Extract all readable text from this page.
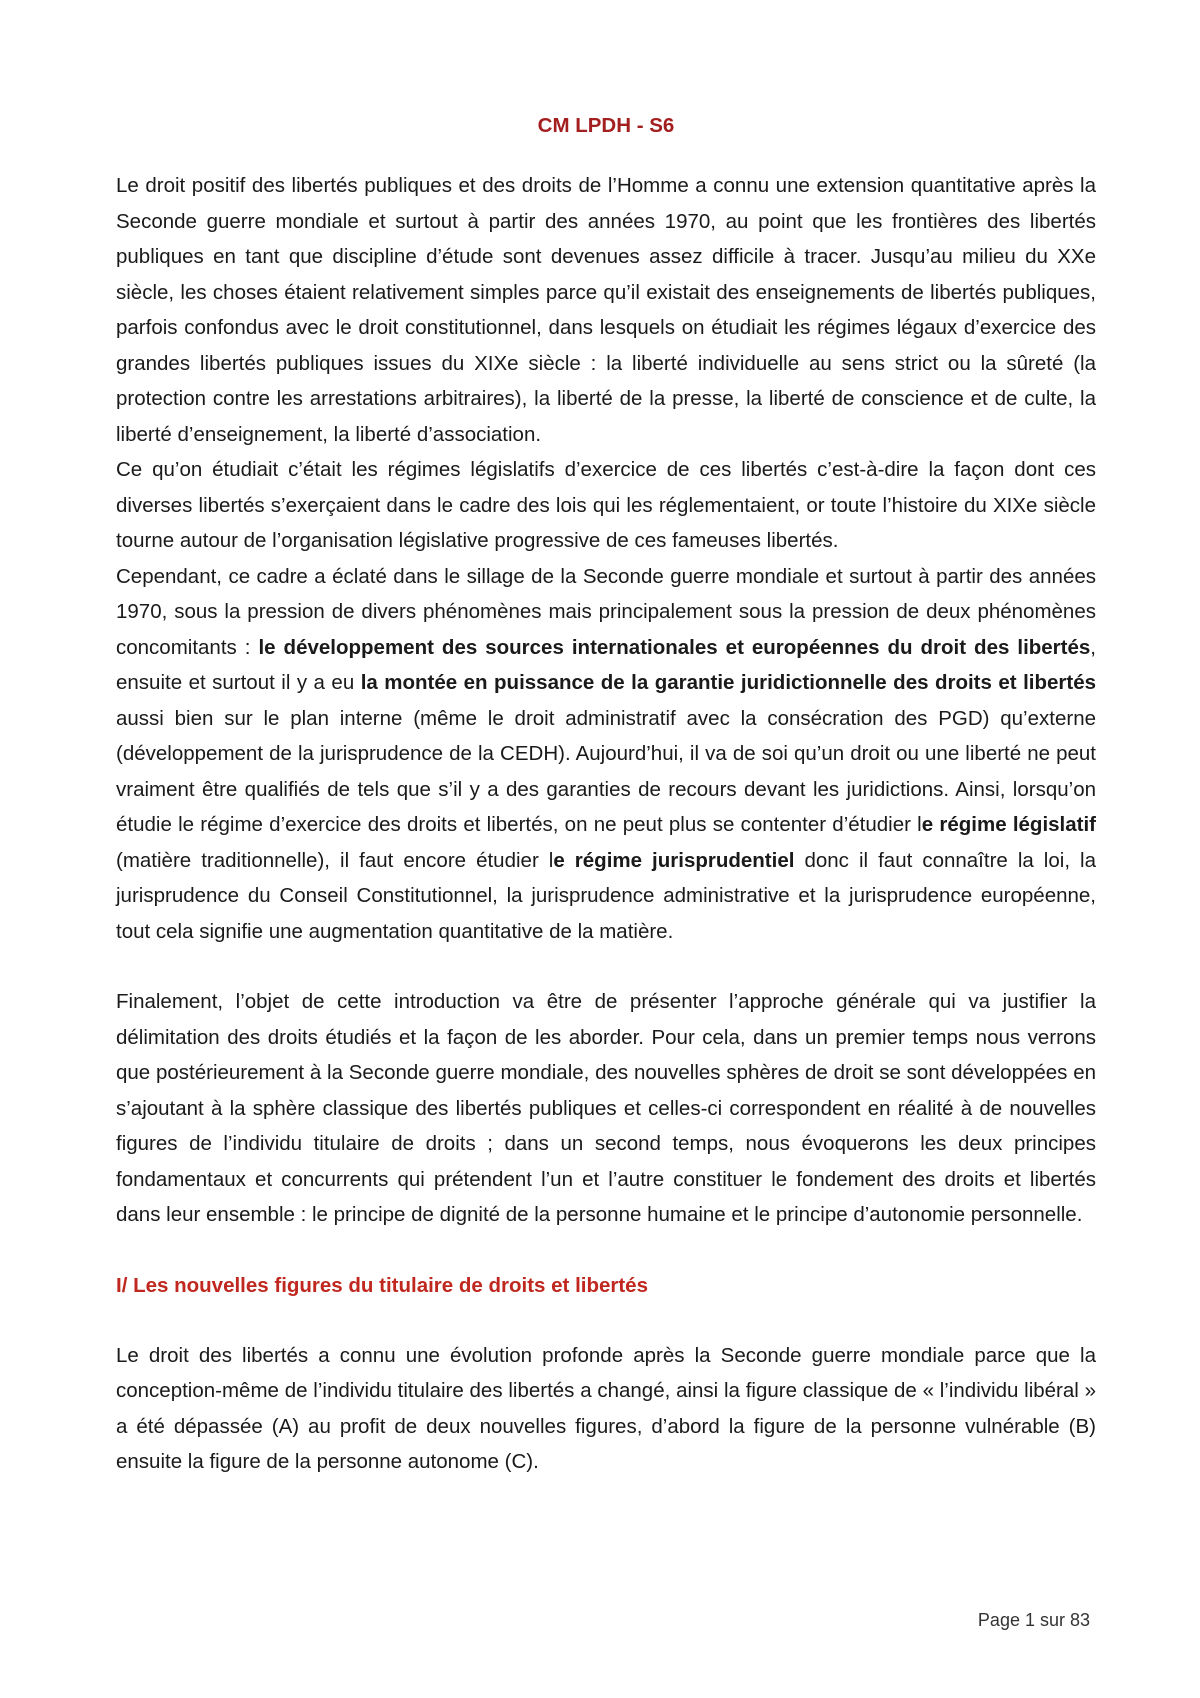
CM LPDH - S6

Le droit positif des libertés publiques et des droits de l’Homme a connu une extension quantitative après la Seconde guerre mondiale et surtout à partir des années 1970, au point que les frontières des libertés publiques en tant que discipline d’étude sont devenues assez difficile à tracer. Jusqu’au milieu du XXe siècle, les choses étaient relativement simples parce qu’il existait des enseignements de libertés publiques, parfois confondus avec le droit constitutionnel, dans lesquels on étudiait les régimes légaux d’exercice des grandes libertés publiques issues du XIXe siècle : la liberté individuelle au sens strict ou la sûreté (la protection contre les arrestations arbitraires), la liberté de la presse, la liberté de conscience et de culte, la liberté d’enseignement, la liberté d’association.

Ce qu’on étudiait c’était les régimes législatifs d’exercice de ces libertés c’est-à-dire la façon dont ces diverses libertés s’exerçaient dans le cadre des lois qui les réglementaient, or toute l’histoire du XIXe siècle tourne autour de l’organisation législative progressive de ces fameuses libertés.

Cependant, ce cadre a éclaté dans le sillage de la Seconde guerre mondiale et surtout à partir des années 1970, sous la pression de divers phénomènes mais principalement sous la pression de deux phénomènes concomitants : le développement des sources internationales et européennes du droit des libertés, ensuite et surtout il y a eu la montée en puissance de la garantie juridictionnelle des droits et libertés aussi bien sur le plan interne (même le droit administratif avec la consécration des PGD) qu’externe (développement de la jurisprudence de la CEDH). Aujourd’hui, il va de soi qu’un droit ou une liberté ne peut vraiment être qualifiés de tels que s’il y a des garanties de recours devant les juridictions. Ainsi, lorsqu’on étudie le régime d’exercice des droits et libertés, on ne peut plus se contenter d’étudier le régime législatif (matière traditionnelle), il faut encore étudier le régime jurisprudentiel donc il faut connaître la loi, la jurisprudence du Conseil Constitutionnel, la jurisprudence administrative et la jurisprudence européenne, tout cela signifie une augmentation quantitative de la matière.

Finalement, l’objet de cette introduction va être de présenter l’approche générale qui va justifier la délimitation des droits étudiés et la façon de les aborder. Pour cela, dans un premier temps nous verrons que postérieurement à la Seconde guerre mondiale, des nouvelles sphères de droit se sont développées en s’ajoutant à la sphère classique des libertés publiques et celles-ci correspondent en réalité à de nouvelles figures de l’individu titulaire de droits ; dans un second temps, nous évoquerons les deux principes fondamentaux et concurrents qui prétendent l’un et l’autre constituer le fondement des droits et libertés dans leur ensemble : le principe de dignité de la personne humaine et le principe d’autonomie personnelle.

I/ Les nouvelles figures du titulaire de droits et libertés

Le droit des libertés a connu une évolution profonde après la Seconde guerre mondiale parce que la conception-même de l’individu titulaire des libertés a changé, ainsi la figure classique de « l’individu libéral » a été dépassée (A) au profit de deux nouvelles figures, d’abord la figure de la personne vulnérable (B) ensuite la figure de la personne autonome (C).

Page 1 sur 83
